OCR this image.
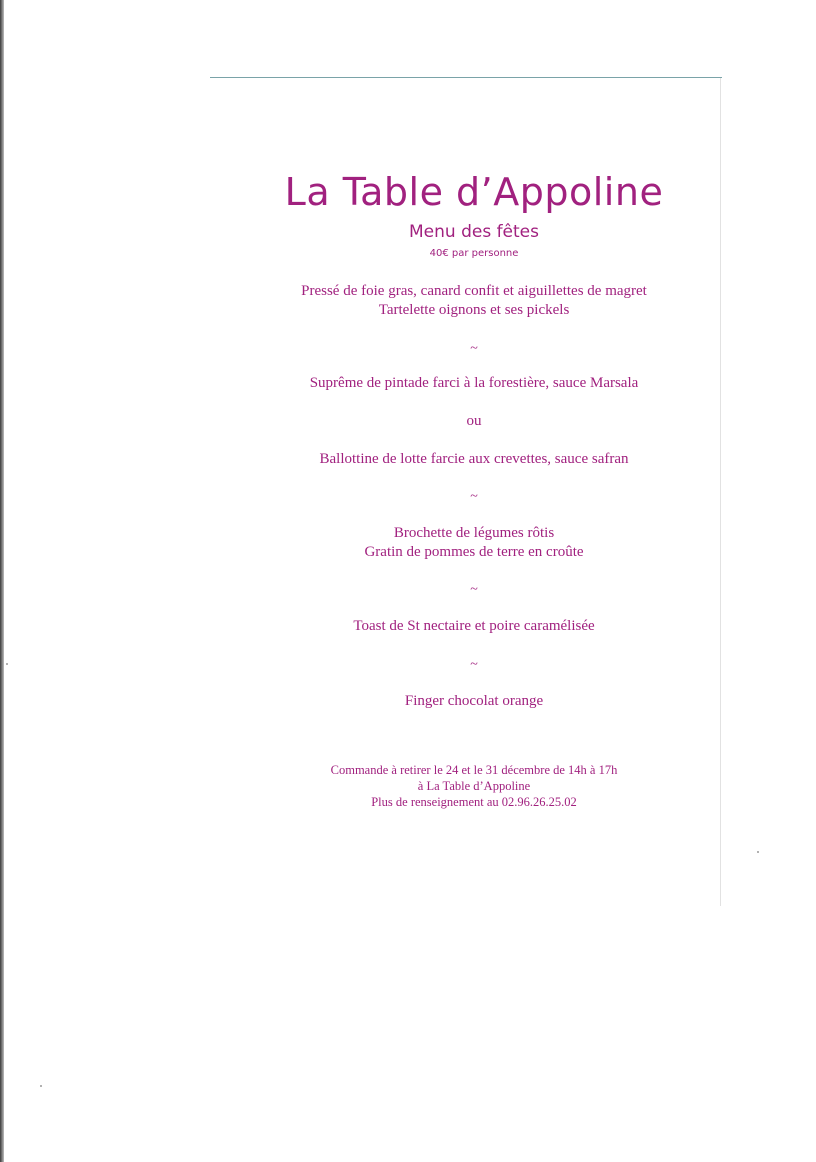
La Table d’Appoline
Menu des fêtes
40€ par personne
Pressé de foie gras, canard confit et aiguillettes de magret
Tartelette oignons et ses pickels
~
Suprême de pintade farci à la forestière, sauce Marsala
ou
Ballottine de lotte farcie aux crevettes, sauce safran
~
Brochette de légumes rôtis
Gratin de pommes de terre en croûte
~
Toast de St nectaire et poire caramélisée
~
Finger chocolat orange
Commande à retirer le 24 et le 31 décembre de 14h à 17h
à La Table d’Appoline
Plus de renseignement au 02.96.26.25.02
